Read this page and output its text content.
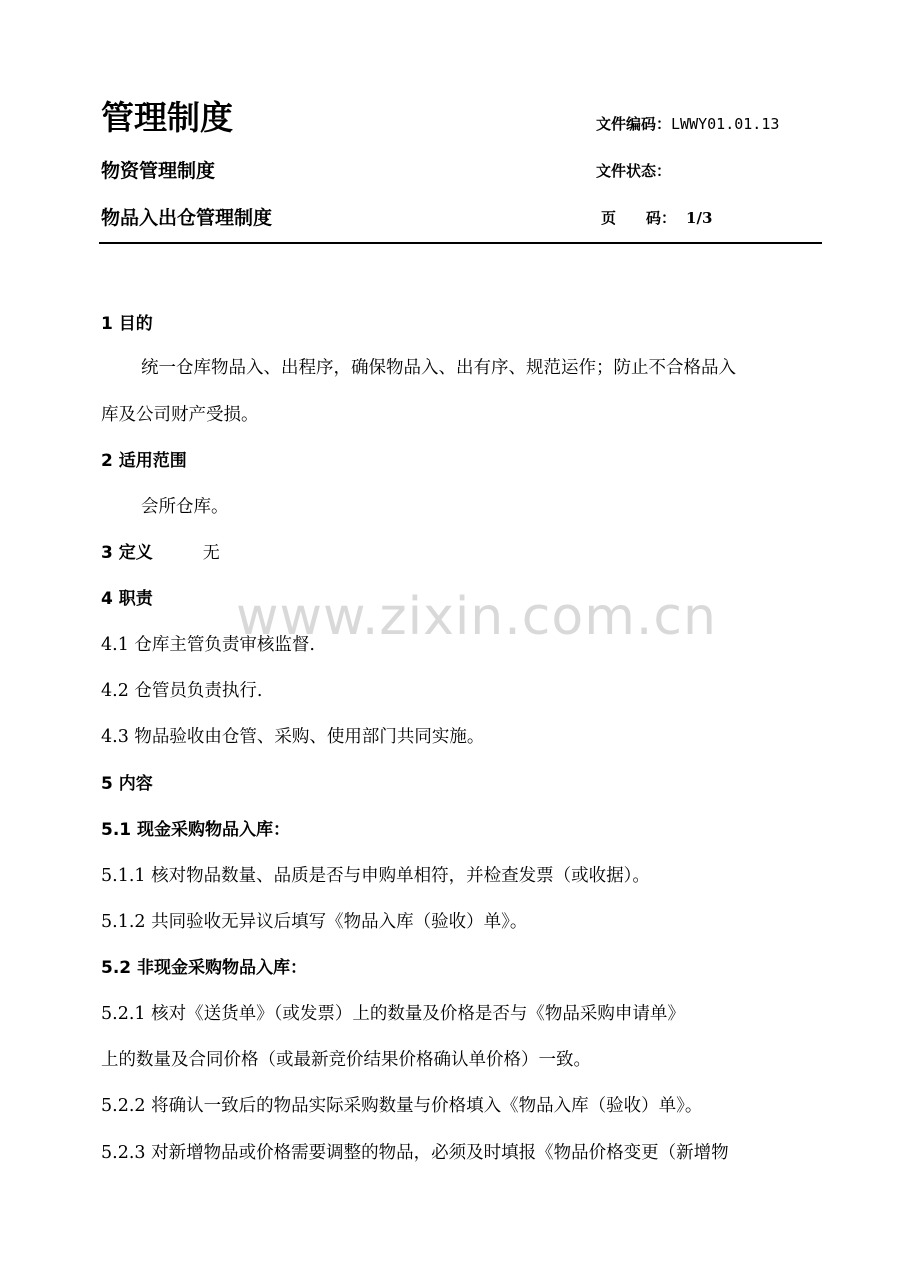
管理制度	文件编码：LWWY01.01.13
物资管理制度	文件状态：
物品入出仓管理制度	页码： 1/3
www.zixin.com.cn
1 目的
统一仓库物品入、出程序，确保物品入、出有序、规范运作；防止不合格品入
库及公司财产受损。
2 适用范围
会所仓库。
3 定义	无
4 职责
4.1 仓库主管负责审核监督.
4.2 仓管员负责执行.
4.3 物品验收由仓管、采购、使用部门共同实施。
5 内容
5.1 现金采购物品入库：
5.1.1 核对物品数量、品质是否与申购单相符，并检查发票（或收据）。
5.1.2 共同验收无异议后填写《物品入库（验收）单》。
5.2 非现金采购物品入库：
5.2.1 核对《送货单》（或发票）上的数量及价格是否与《物品采购申请单》
上的数量及合同价格（或最新竞价结果价格确认单价格）一致。
5.2.2 将确认一致后的物品实际采购数量与价格填入《物品入库（验收）单》。
5.2.3 对新增物品或价格需要调整的物品，必须及时填报《物品价格变更（新增物
